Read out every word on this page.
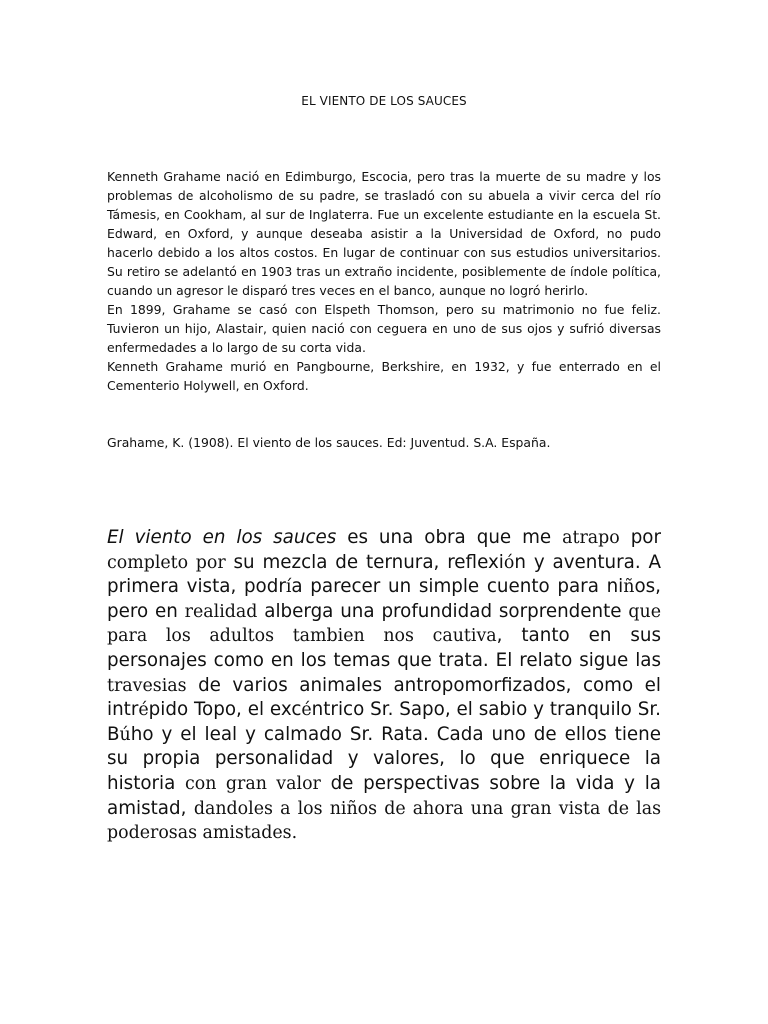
EL VIENTO DE LOS SAUCES

Kenneth Grahame nació en Edimburgo, Escocia, pero tras la muerte de su madre y los problemas de alcoholismo de su padre, se trasladó con su abuela a vivir cerca del río Támesis, en Cookham, al sur de Inglaterra. Fue un excelente estudiante en la escuela St. Edward, en Oxford, y aunque deseaba asistir a la Universidad de Oxford, no pudo hacerlo debido a los altos costos. En lugar de continuar con sus estudios universitarios. Su retiro se adelantó en 1903 tras un extraño incidente, posiblemente de índole política, cuando un agresor le disparó tres veces en el banco, aunque no logró herirlo.

En 1899, Grahame se casó con Elspeth Thomson, pero su matrimonio no fue feliz. Tuvieron un hijo, Alastair, quien nació con ceguera en uno de sus ojos y sufrió diversas enfermedades a lo largo de su corta vida.

Kenneth Grahame murió en Pangbourne, Berkshire, en 1932, y fue enterrado en el Cementerio Holywell, en Oxford.

Grahame, K. (1908). El viento de los sauces. Ed: Juventud. S.A. España.

El viento en los sauces es una obra que me atrapo por completo por su mezcla de ternura, reflexión y aventura. A primera vista, podría parecer un simple cuento para niños, pero en realidad alberga una profundidad sorprendente que para los adultos tambien nos cautiva, tanto en sus personajes como en los temas que trata. El relato sigue las travesias de varios animales antropomorfizados, como el intrépido Topo, el excéntrico Sr. Sapo, el sabio y tranquilo Sr. Búho y el leal y calmado Sr. Rata. Cada uno de ellos tiene su propia personalidad y valores, lo que enriquece la historia con gran valor de perspectivas sobre la vida y la amistad, dandoles a los niños de ahora una gran vista de las poderosas amistades.
